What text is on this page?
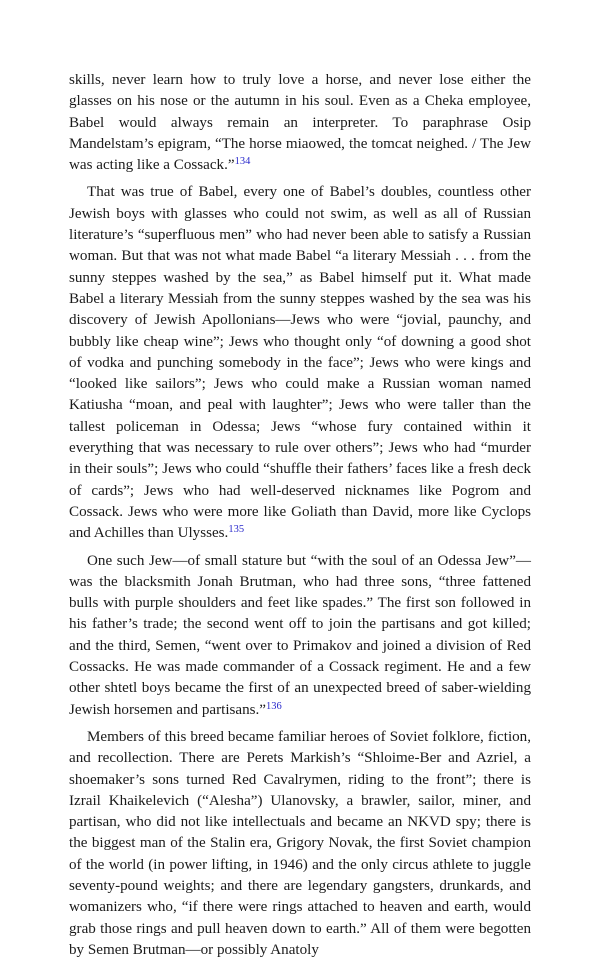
skills, never learn how to truly love a horse, and never lose either the glasses on his nose or the autumn in his soul. Even as a Cheka employee, Babel would always remain an interpreter. To paraphrase Osip Mandelstam’s epigram, “The horse miaowed, the tomcat neighed. / The Jew was acting like a Cossack.”$^{134}$

That was true of Babel, every one of Babel’s doubles, countless other Jewish boys with glasses who could not swim, as well as all of Russian literature’s “superfluous men” who had never been able to satisfy a Russian woman. But that was not what made Babel “a literary Messiah . . . from the sunny steppes washed by the sea,” as Babel himself put it. What made Babel a literary Messiah from the sunny steppes washed by the sea was his discovery of Jewish Apollonians—Jews who were “jovial, paunchy, and bubbly like cheap wine”; Jews who thought only “of downing a good shot of vodka and punching somebody in the face”; Jews who were kings and “looked like sailors”; Jews who could make a Russian woman named Katiusha “moan, and peal with laughter”; Jews who were taller than the tallest policeman in Odessa; Jews “whose fury contained within it everything that was necessary to rule over others”; Jews who had “murder in their souls”; Jews who could “shuffle their fathers’ faces like a fresh deck of cards”; Jews who had well-deserved nicknames like Pogrom and Cossack. Jews who were more like Goliath than David, more like Cyclops and Achilles than Ulysses.$^{135}$

One such Jew—of small stature but “with the soul of an Odessa Jew”—was the blacksmith Jonah Brutman, who had three sons, “three fattened bulls with purple shoulders and feet like spades.” The first son followed in his father’s trade; the second went off to join the partisans and got killed; and the third, Semen, “went over to Primakov and joined a division of Red Cossacks. He was made commander of a Cossack regiment. He and a few other shtetl boys became the first of an unexpected breed of saber-wielding Jewish horsemen and partisans.”$^{136}$

Members of this breed became familiar heroes of Soviet folklore, fiction, and recollection. There are Perets Markish’s “Shloime-Ber and Azriel, a shoemaker’s sons turned Red Cavalrymen, riding to the front”; there is Izrail Khaikelevich (“Alesha”) Ulanovsky, a brawler, sailor, miner, and partisan, who did not like intellectuals and became an NKVD spy; there is the biggest man of the Stalin era, Grigory Novak, the first Soviet champion of the world (in power lifting, in 1946) and the only circus athlete to juggle seventy-pound weights; and there are legendary gangsters, drunkards, and womanizers who, “if there were rings attached to heaven and earth, would grab those rings and pull heaven down to earth.” All of them were begotten by Semen Brutman—or possibly Anatoly
